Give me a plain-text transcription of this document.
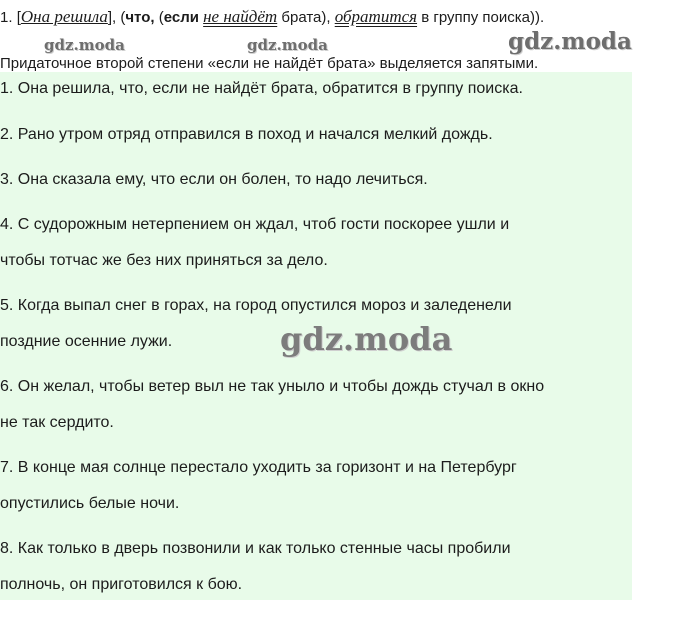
1. [Она решила], (что, (если не найдёт брата), обратится в группу поиска)).
gdz.moda	gdz.moda	gdz.moda
Придаточное второй степени «если не найдёт брата» выделяется запятыми.
1. Она решила, что, если не найдёт брата, обратится в группу поиска.
2. Рано утром отряд отправился в поход и начался мелкий дождь.
3. Она сказала ему, что если он болен, то надо лечиться.
4. С судорожным нетерпением он ждал, чтоб гости поскорее ушли и
чтобы тотчас же без них приняться за дело.
5. Когда выпал снег в горах, на город опустился мороз и заледенели
поздние осенние лужи.
6. Он желал, чтобы ветер выл не так уныло и чтобы дождь стучал в окно
не так сердито.
7. В конце мая солнце перестало уходить за горизонт и на Петербург
опустились белые ночи.
8. Как только в дверь позвонили и как только стенные часы пробили
полночь, он приготовился к бою.
gdz.moda
